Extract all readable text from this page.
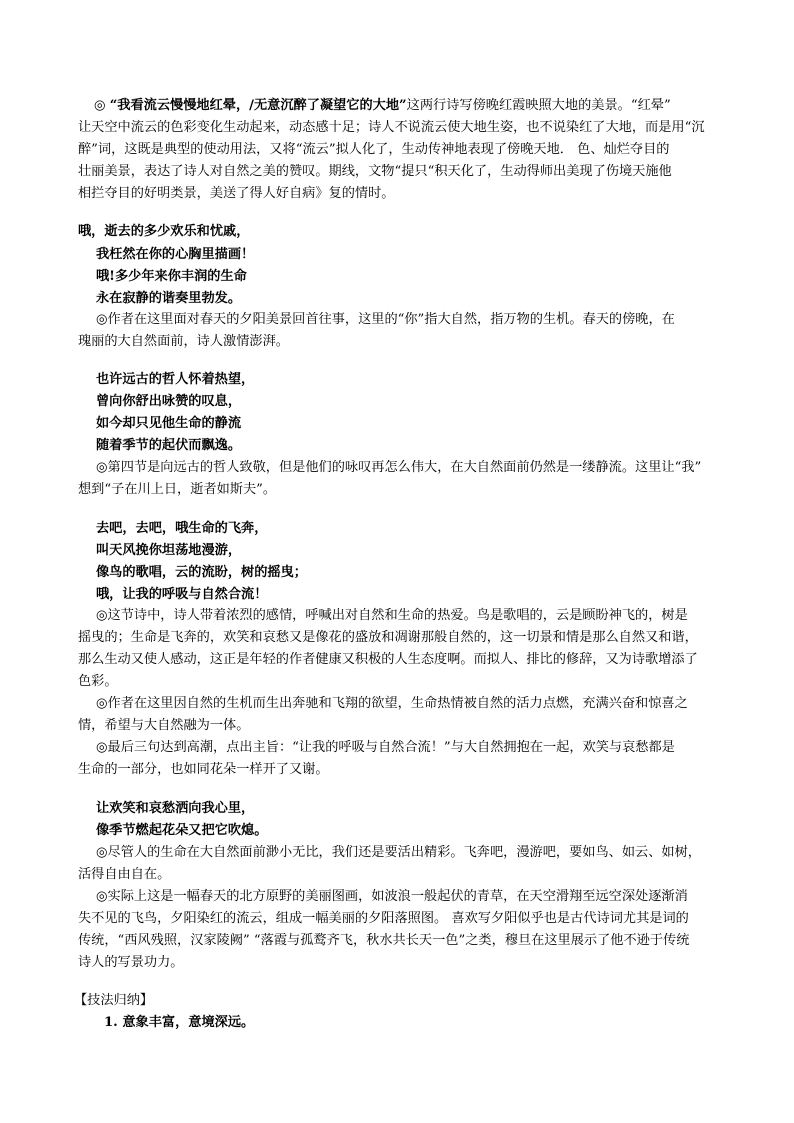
◎ “我看流云慢慢地红晕，/无意沉醉了凝望它的大地”这两行诗写傍晚红霞映照大地的美景。“红晕”
让天空中流云的色彩变化生动起来，动态感十足；诗人不说流云使大地生姿，也不说染红了大地，而是用“沉
醉”词，这既是典型的使动用法，又将“流云”拟人化了，生动传神地表现了傍晚天地． 色、灿烂夺目的
壮丽美景，表达了诗人对自然之美的赞叹。期线，文物“提只“积天化了，生动得师出美现了伤境天施他
相拦夺目的好明类景，美送了得人好自病》复的情时。
哦，逝去的多少欢乐和忧戚，
我枉然在你的心胸里描画！
哦!多少年来你丰润的生命
永在寂静的谐奏里勃发。
◎作者在这里面对春天的夕阳美景回首往事，这里的“你”指大自然，指万物的生机。春天的傍晚，在
瑰丽的大自然面前，诗人激情澎湃。
也许远古的哲人怀着热望，
曾向你舒出咏赞的叹息，
如今却只见他生命的静流
随着季节的起伏而飘逸。
◎第四节是向远古的哲人致敬，但是他们的咏叹再怎么伟大，在大自然面前仍然是一缕静流。这里让“我”
想到“子在川上日，逝者如斯夫”。
去吧，去吧，哦生命的飞奔，
叫天风挽你坦荡地漫游，
像鸟的歌唱，云的流盼，树的摇曳；
哦，让我的呼吸与自然合流！
◎这节诗中，诗人带着浓烈的感情，呼喊出对自然和生命的热爱。鸟是歌唱的，云是顾盼神飞的，树是
摇曳的；生命是飞奔的，欢笑和哀愁又是像花的盛放和凋谢那般自然的，这一切景和情是那么自然又和谐，
那么生动又使人感动，这正是年轻的作者健康又积极的人生态度啊。而拟人、排比的修辞，又为诗歌增添了
色彩。
◎作者在这里因自然的生机而生出奔驰和飞翔的欲望，生命热情被自然的活力点燃，充满兴奋和惊喜之
情，希望与大自然融为一体。
◎最后三句达到高潮，点出主旨：“让我的呼吸与自然合流！”与大自然拥抱在一起，欢笑与哀愁都是
生命的一部分，也如同花朵一样开了又谢。
让欢笑和哀愁洒向我心里，
像季节燃起花朵又把它吹熄。
◎尽管人的生命在大自然面前渺小无比，我们还是要活出精彩。飞奔吧，漫游吧，要如鸟、如云、如树，
活得自由自在。
◎实际上这是一幅春天的北方原野的美丽图画，如波浪一般起伏的青草，在天空滑翔至远空深处逐渐消
失不见的飞鸟，夕阳染红的流云，组成一幅美丽的夕阳落照图。 喜欢写夕阳似乎也是古代诗词尤其是词的
传统，“西风残照，汉家陵阙” “落霞与孤鹜齐飞，秋水共长天一色”之类，穆旦在这里展示了他不逊于传统
诗人的写景功力。
【技法归纳】
1. 意象丰富，意境深远。
